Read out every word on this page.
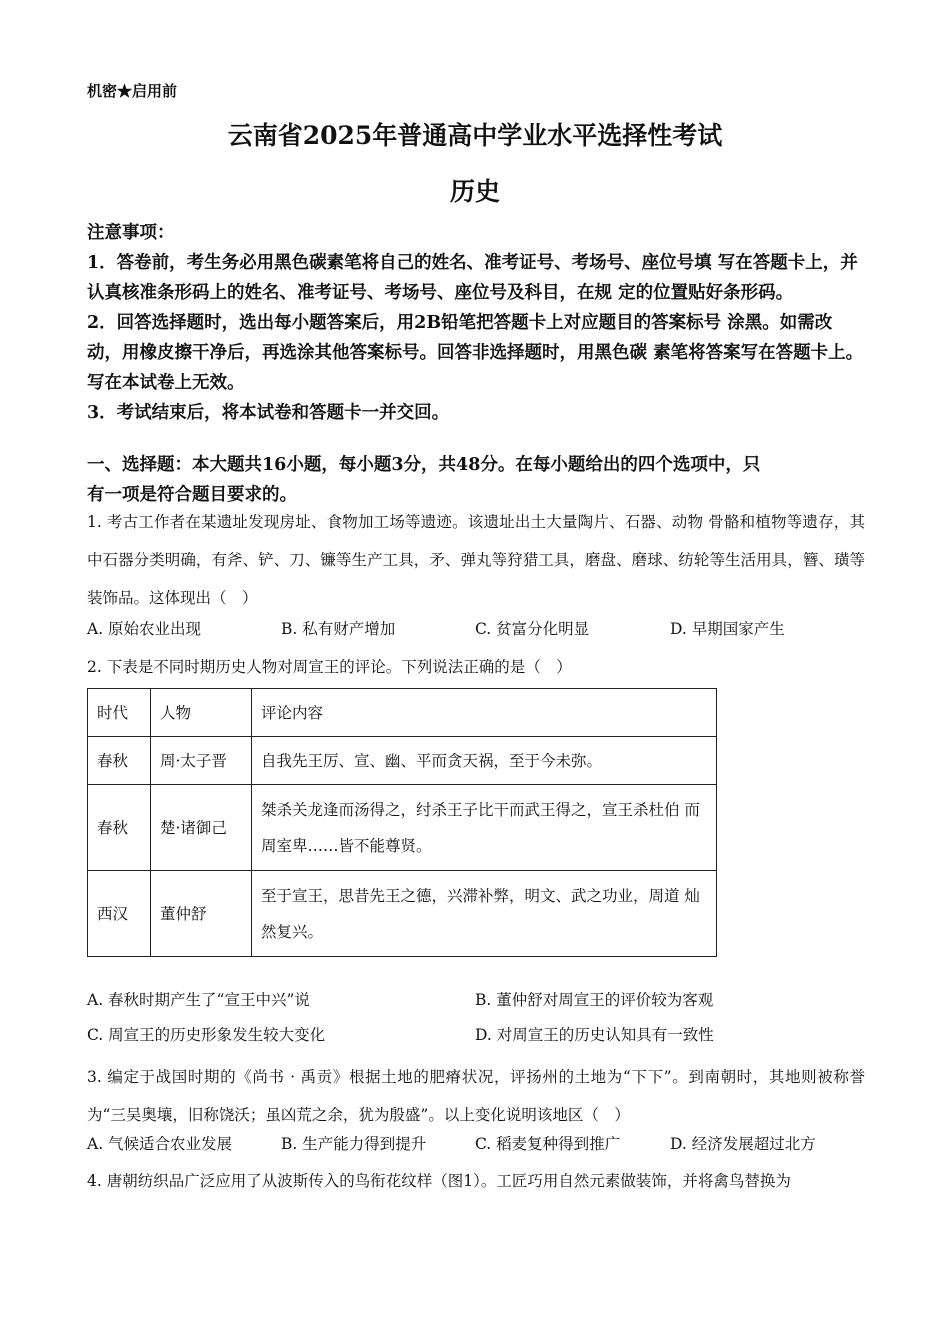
机密★启用前
云南省2025年普通高中学业水平选择性考试
历史

注意事项：

1．答卷前，考生务必用黑色碳素笔将自己的姓名、准考证号、考场号、座位号填 写在答题卡上，并认真核准条形码上的姓名、准考证号、考场号、座位号及科目，在规 定的位置贴好条形码。

2．回答选择题时，选出每小题答案后，用2B铅笔把答题卡上对应题目的答案标号 涂黑。如需改动，用橡皮擦干净后，再选涂其他答案标号。回答非选择题时，用黑色碳 素笔将答案写在答题卡上。写在本试卷上无效。

3．考试结束后，将本试卷和答题卡一并交回。

一、选择题：本大题共16小题，每小题3分，共48分。在每小题给出的四个选项中，只
有一项是符合题目要求的。
1. 考古工作者在某遗址发现房址、食物加工场等遗迹。该遗址出土大量陶片、石器、动物 骨骼和植物等遗存，其中石器分类明确，有斧、铲、刀、镰等生产工具，矛、弹丸等狩猎工具，磨盘、磨球、纺轮等生活用具，簪、璜等装饰品。这体现出（　）
A. 原始农业出现	B. 私有财产增加	C. 贫富分化明显	D. 早期国家产生
2. 下表是不同时期历史人物对周宣王的评论。下列说法正确的是（　）
时代	人物	评论内容
春秋	周·太子晋	自我先王厉、宣、幽、平而贪天祸，至于今未弥。
春秋	楚·诸御己	桀杀关龙逢而汤得之，纣杀王子比干而武王得之，宣王杀杜伯 而周室卑……皆不能尊贤。
西汉	董仲舒	至于宣王，思昔先王之德，兴滞补弊，明文、武之功业，周道 灿然复兴。
A. 春秋时期产生了“宣王中兴”说	B. 董仲舒对周宣王的评价较为客观
C. 周宣王的历史形象发生较大变化	D. 对周宣王的历史认知具有一致性
3. 编定于战国时期的《尚书 · 禹贡》根据土地的肥瘠状况，评扬州的土地为“下下”。到南朝时，其地则被称誉为“三吴奥壤，旧称饶沃；虽凶荒之余，犹为殷盛”。以上变化说明该地区（　）
A. 气候适合农业发展	B. 生产能力得到提升	C. 稻麦复种得到推广	D. 经济发展超过北方
4. 唐朝纺织品广泛应用了从波斯传入的鸟衔花纹样（图1）。工匠巧用自然元素做装饰，并将禽鸟替换为
